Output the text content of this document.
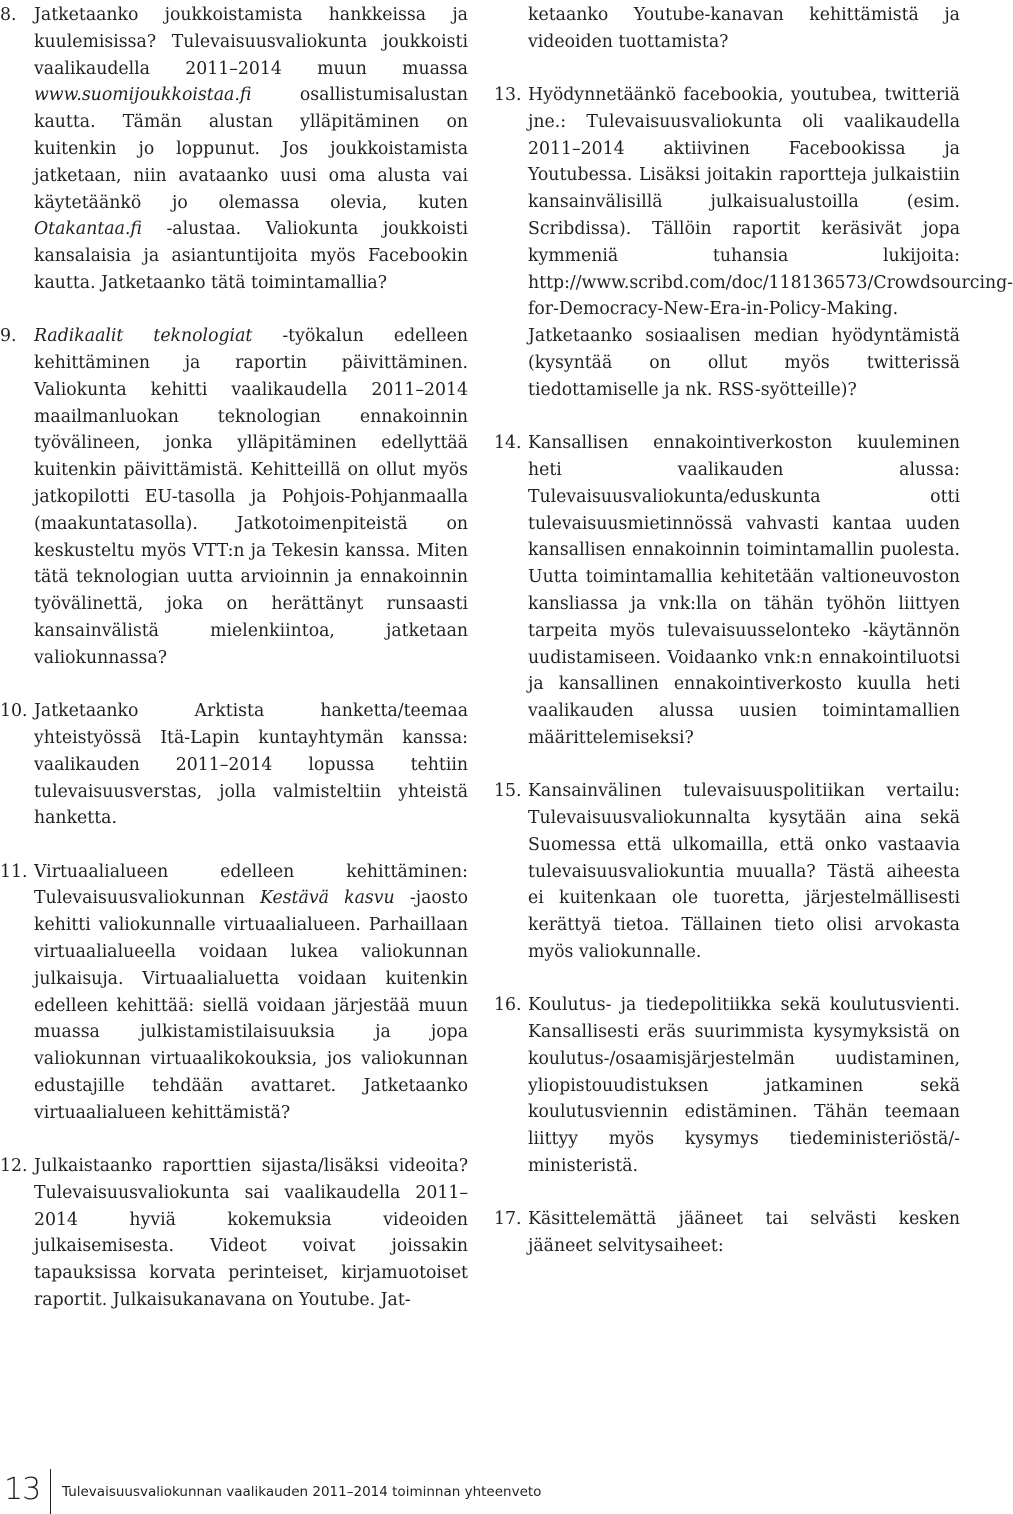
8. Jatketaanko joukkoistamista hankkeissa ja kuulemisissa? Tulevaisuusvaliokunta joukkoisti vaalikaudella 2011–2014 muun muassa www.suomijoukkoistaa.fi osallistumisalustan kautta. Tämän alustan ylläpitäminen on kuitenkin jo loppunut. Jos joukkoistamista jatketaan, niin avataanko uusi oma alusta vai käytetäänkö jo olemassa olevia, kuten Otakantaa.fi -alustaa. Valiokunta joukkoisti kansalaisia ja asiantuntijoita myös Facebookin kautta. Jatketaanko tätä toimintamallia?
9. Radikaalit teknologiat -työkalun edelleen kehittäminen ja raportin päivittäminen. Valiokunta kehitti vaalikaudella 2011–2014 maailmanluokan teknologian ennakoinnin työvälineen, jonka ylläpitäminen edellyttää kuitenkin päivittämistä. Kehitteillä on ollut myös jatkopilotti EU-tasolla ja Pohjois-Pohjanmaalla (maakuntatasolla). Jatkotoimenpiteistä on keskusteltu myös VTT:n ja Tekesin kanssa. Miten tätä teknologian uutta arvioinnin ja ennakoinnin työvälinettä, joka on herättänyt runsaasti kansainvälistä mielenkiintoa, jatketaan valiokunnassa?
10. Jatketaanko Arktista hanketta/teemaa yhteistyössä Itä-Lapin kuntayhtymän kanssa: vaalikauden 2011–2014 lopussa tehtiin tulevaisuusverstas, jolla valmisteltiin yhteistä hanketta.
11. Virtuaalialueen edelleen kehittäminen: Tulevaisuusvaliokunnan Kestävä kasvu -jaosto kehitti valiokunnalle virtuaalialueen. Parhaillaan virtuaalialueella voidaan lukea valiokunnan julkaisuja. Virtuaalialuetta voidaan kuitenkin edelleen kehittää: siellä voidaan järjestää muun muassa julkistamistilaisuuksia ja jopa valiokunnan virtuaalikokouksia, jos valiokunnan edustajille tehdään avattaret. Jatketaanko virtuaalialueen kehittämistä?
12. Julkaistaanko raporttien sijasta/lisäksi videoita? Tulevaisuusvaliokunta sai vaalikaudella 2011–2014 hyviä kokemuksia videoiden julkaisemisesta. Videot voivat joissakin tapauksissa korvata perinteiset, kirjamuotoiset raportit. Julkaisukanavana on Youtube. Jat-
ketaanko Youtube-kanavan kehittämistä ja videoiden tuottamista?
13. Hyödynnetäänkö facebookia, youtubea, twitteriä jne.: Tulevaisuusvaliokunta oli vaalikaudella 2011–2014 aktiivinen Facebookissa ja Youtubessa. Lisäksi joitakin raportteja julkaistiin kansainvälisillä julkaisualustoilla (esim. Scribdissa). Tällöin raportit keräsivät jopa kymmeniä tuhansia lukijoita: http://www.scribd.com/doc/118136573/Crowdsourcing-for-Democracy-New-Era-in-Policy-Making. Jatketaanko sosiaalisen median hyödyntämistä (kysyntää on ollut myös twitterissä tiedottamiselle ja nk. RSS-syötteille)?
14. Kansallisen ennakointiverkoston kuuleminen heti vaalikauden alussa: Tulevaisuusvaliokunta/eduskunta otti tulevaisuusmietinnössä vahvasti kantaa uuden kansallisen ennakoinnin toimintamallin puolesta. Uutta toimintamallia kehitetään valtioneuvoston kansliassa ja vnk:lla on tähän työhön liittyen tarpeita myös tulevaisuusselonteko -käytännön uudistamiseen. Voidaanko vnk:n ennakointiluotsi ja kansallinen ennakointiverkosto kuulla heti vaalikauden alussa uusien toimintamallien määrittelemiseksi?
15. Kansainvälinen tulevaisuuspolitiikan vertailu: Tulevaisuusvaliokunnalta kysytään aina sekä Suomessa että ulkomailla, että onko vastaavia tulevaisuusvaliokuntia muualla? Tästä aiheesta ei kuitenkaan ole tuoretta, järjestelmällisesti kerättyä tietoa. Tällainen tieto olisi arvokasta myös valiokunnalle.
16. Koulutus- ja tiedepolitiikka sekä koulutusvienti. Kansallisesti eräs suurimmista kysymyksistä on koulutus-/osaamisjärjestelmän uudistaminen, yliopistouudistuksen jatkaminen sekä koulutusviennin edistäminen. Tähän teemaan liittyy myös kysymys tiedeministeriöstä/-ministeristä.
17. Käsittelemättä jääneet tai selvästi kesken jääneet selvitysaiheet:
13 Tulevaisuusvaliokunnan vaalikauden 2011–2014 toiminnan yhteenveto
